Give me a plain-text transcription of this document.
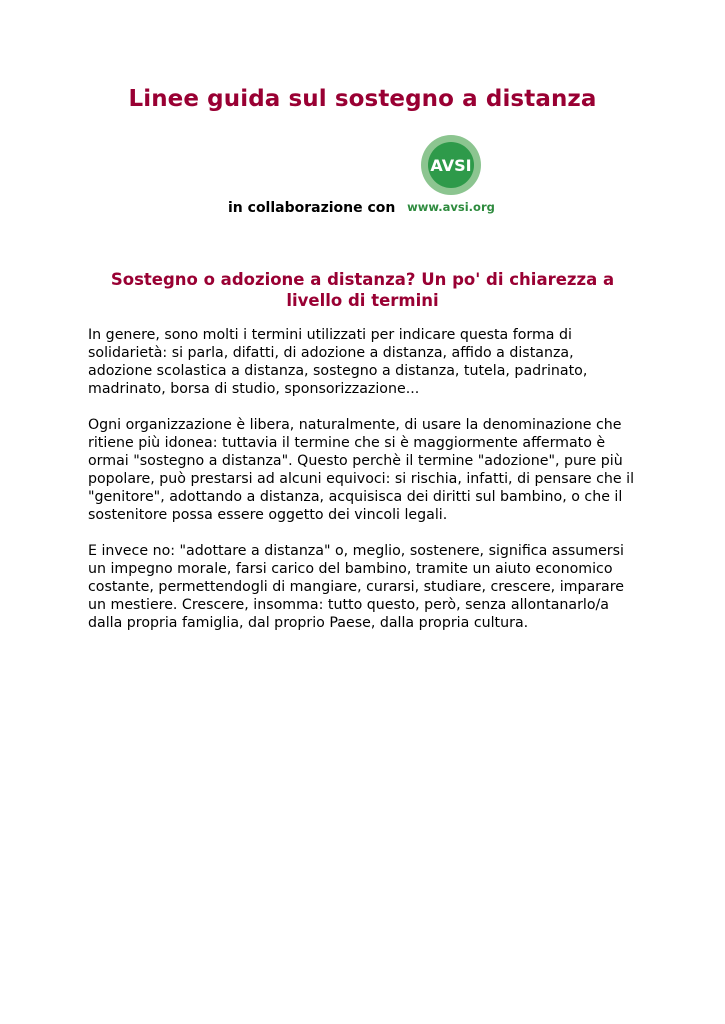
Linee guida sul sostegno a distanza
AVSI
www.avsi.org
in collaborazione con
Sostegno o adozione a distanza? Un po' di chiarezza a livello di termini

In genere, sono molti i termini utilizzati per indicare questa forma di solidarietà: si parla, difatti, di adozione a distanza, affido a distanza, adozione scolastica a distanza, sostegno a distanza, tutela, padrinato, madrinato, borsa di studio, sponsorizzazione...

Ogni organizzazione è libera, naturalmente, di usare la denominazione che ritiene più idonea: tuttavia il termine che si è maggiormente affermato è ormai "sostegno a distanza". Questo perchè il termine "adozione", pure più popolare, può prestarsi ad alcuni equivoci: si rischia, infatti, di pensare che il "genitore", adottando a distanza, acquisisca dei diritti sul bambino, o che il sostenitore possa essere oggetto dei vincoli legali.

E invece no: "adottare a distanza" o, meglio, sostenere, significa assumersi un impegno morale, farsi carico del bambino, tramite un aiuto economico costante, permettendogli di mangiare, curarsi, studiare, crescere, imparare un mestiere. Crescere, insomma: tutto questo, però, senza allontanarlo/a dalla propria famiglia, dal proprio Paese, dalla propria cultura.
